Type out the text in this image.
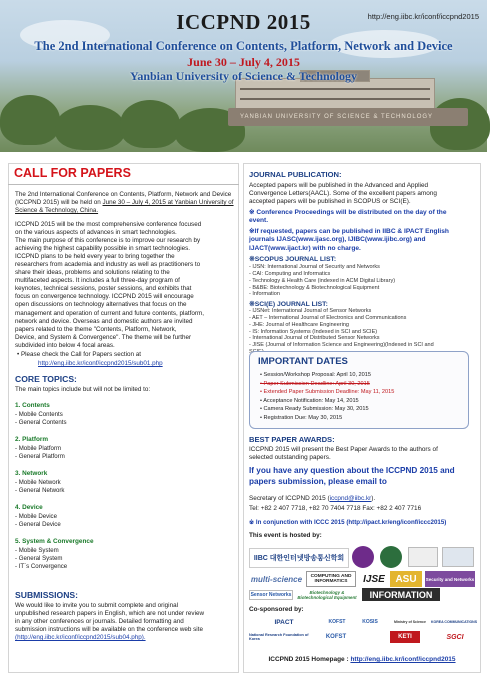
YANBIAN UNIVERSITY OF SCIENCE & TECHNOLOGY
ICCPND 2015	http://eng.iibc.kr/iconf/iccpnd2015
The 2nd International Conference on Contents, Platform, Network and Device
June 30 – July 4, 2015
Yanbian University of Science & Technology
CALL FOR PAPERS
The 2nd International Conference on Contents, Platform, Network and Device (ICCPND 2015) will be held on June 30 – July 4, 2015 at Yanbian University of Science & Technology, China.
ICCPND 2015 will be the most comprehensive conference focused
on the various aspects of advances in smart technologies.
The main purpose of this conference is to improve our research by
achieving the highest capability possible in smart technologies.
ICCPND plans to be held every year to bring together the
researchers from academia and industry as well as practitioners to
share their ideas, problems and solutions relating to the
multifaceted aspects. It includes a full three-day program of
keynotes, technical sessions, poster sessions, and exhibits that
focus on convergence technology. ICCPND 2015 will encourage
open discussions on technology alternatives that focus on the
management and operation of current and future contents, platform,
network and device. Overseas and domestic authors are invited
papers related to the theme "Contents, Platform, Network,
Device, and System & Convergence". The theme will be further
subdivided into below 4 focal areas.
• Please check the Call for Papers section at
http://eng.iibc.kr/iconf/iccpnd2015/sub01.php
CORE TOPICS:
The main topics include but will not be limited to:
1. Contents
- Mobile Contents
- General Contents
2. Platform
- Mobile Platform
- General Platform
3. Network
- Mobile Network
- General Network
4. Device
- Mobile Device
- General Device
5. System & Convergence
- Mobile System
- General System
- IT`s Convergence
SUBMISSIONS:
We would like to invite you to submit complete and original
unpublished research papers in English, which are not under review
in any other conferences or journals. Detailed formatting and
submission instructions will be available on the conference web site
(http://eng.iibc.kr/iconf/iccpnd2015/sub04.php).
JOURNAL PUBLICATION:
Accepted papers will be published in the Advanced and Applied
Convergence Letters(AACL). Some of the excellent papers among
accepted papers will be published in SCOPUS or SCI(E).
※ Conference Proceedings will be distributed on the day of the
event.
※If requested, papers can be published in IIBC & IPACT English
journals IJASC(www.ijasc.org), IJIBC(www.ijibc.org) and
IJACT(www.ijact.kr) with no charge.
※SCOPUS JOURNAL LIST:
- IJSN: International Journal of Security and Networks
- CAI: Computing and Informatics
- Technology & Health Care (indexed in ACM Digital Library)
- B&BE: Biotechnology & Biotechnological Equipment
- Information
※SCI(E) JOURNAL LIST:
- IJSNet: International Journal of Sensor Networks
- AET – International Journal of Electronics and Communications
- JHE: Journal of Healthcare Engineering
- IS: Information Systems (Indexed in SCI and SCIE)
- International Journal of Distributed Sensor Networks
- JISE (Journal of Information Science and Engineering)(Indexed in SCI and
IMPORTANT DATES
• Session/Workshop Proposal: April 10, 2015
• Paper Submission Deadline: April 30, 2015
• Extended Paper Submission Deadline: May 11, 2015
• Acceptance Notification: May 14, 2015
• Camera Ready Submission: May 30, 2015
• Registration Due: May 30, 2015
BEST PAPER AWARDS:
ICCPND 2015 will present the Best Paper Awards to the authors of
selected outstanding papers.
If you have any question about the ICCPND 2015 and
papers submission, please email to
Secretary of ICCPND 2015 (iccpnd@iibc.kr).
Tel: +82 2 407 7718, +82 70 7404 7718 Fax: +82 2 407 7716
※ In conjunction with ICCC 2015 (http://ipact.kr/eng/iconf/iccc2015)
This event is hosted by:
IIBC 대한인터넷방송통신학회
multi-science	COMPUTING AND INFORMATICS	IJSE ASU Security and Networks
Sensor Networks	Biotechnology & Biotechnological Equipment INFORMATION
Co-sponsored by:
IPACT	KOFST	KOSIS	Ministry of Science KOREA COMMUNICATIONS
National Research Foundation of Korea	KOFST	KETI	SGCI
ICCPND 2015 Homepage : http://eng.iibc.kr/iconf/iccpnd2015
